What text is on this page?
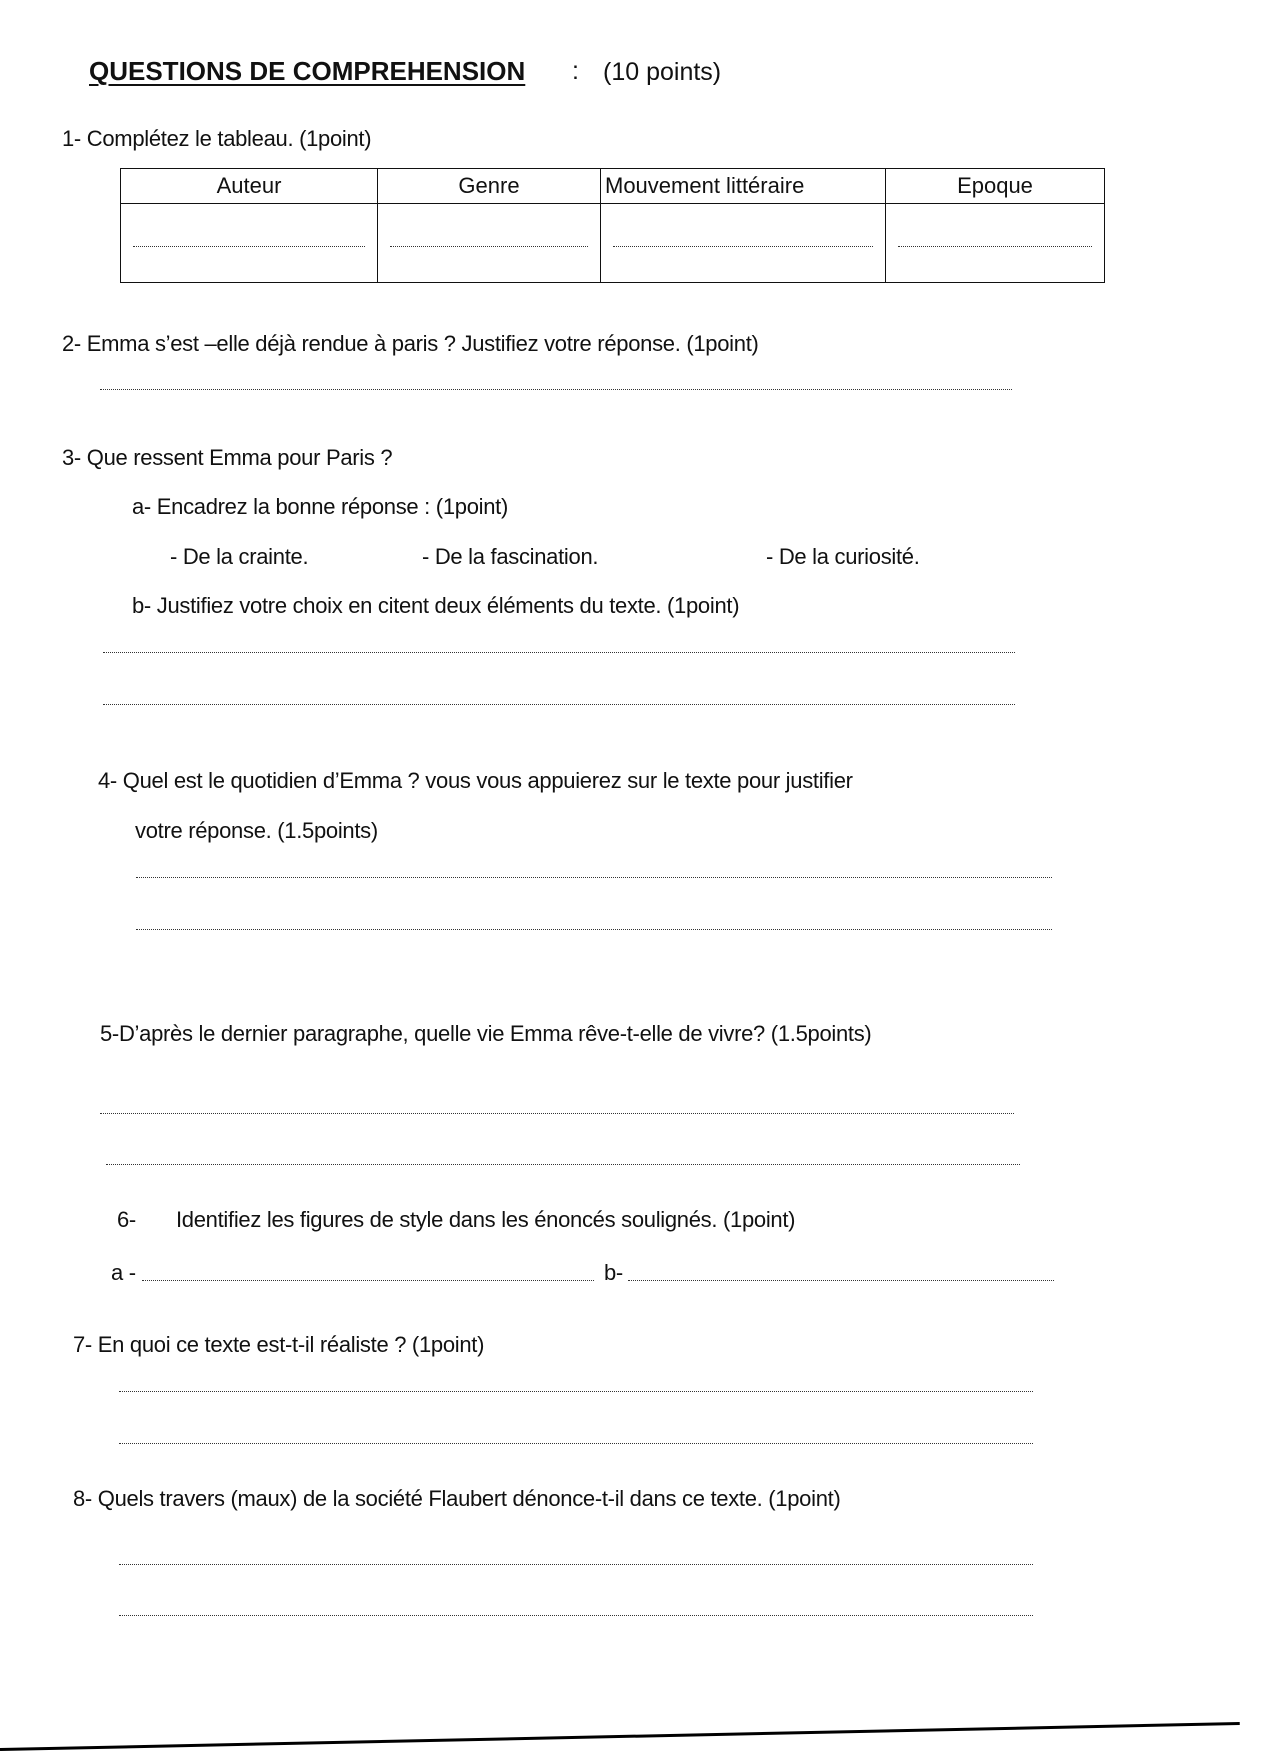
QUESTIONS DE COMPREHENSION : (10 points)
1- Complétez le tableau. (1point)
Auteur	Genre	Mouvement littéraire	Epoque

2- Emma s’est –elle déjà rendue à paris ? Justifiez votre réponse. (1point)
3- Que ressent Emma pour Paris ?
a- Encadrez la bonne réponse : (1point)
- De la crainte.	- De la fascination.	- De la curiosité.
b- Justifiez votre choix en citent deux éléments du texte. (1point)
4- Quel est le quotidien d’Emma ? vous vous appuierez sur le texte pour justifier
votre réponse. (1.5points)
5-D’après le dernier paragraphe, quelle vie Emma rêve-t-elle de vivre? (1.5points)
6- Identifiez les figures de style dans les énoncés soulignés. (1point)
a -	b-
7- En quoi ce texte est-t-il réaliste ? (1point)
8- Quels travers (maux) de la société Flaubert dénonce-t-il dans ce texte. (1point)
